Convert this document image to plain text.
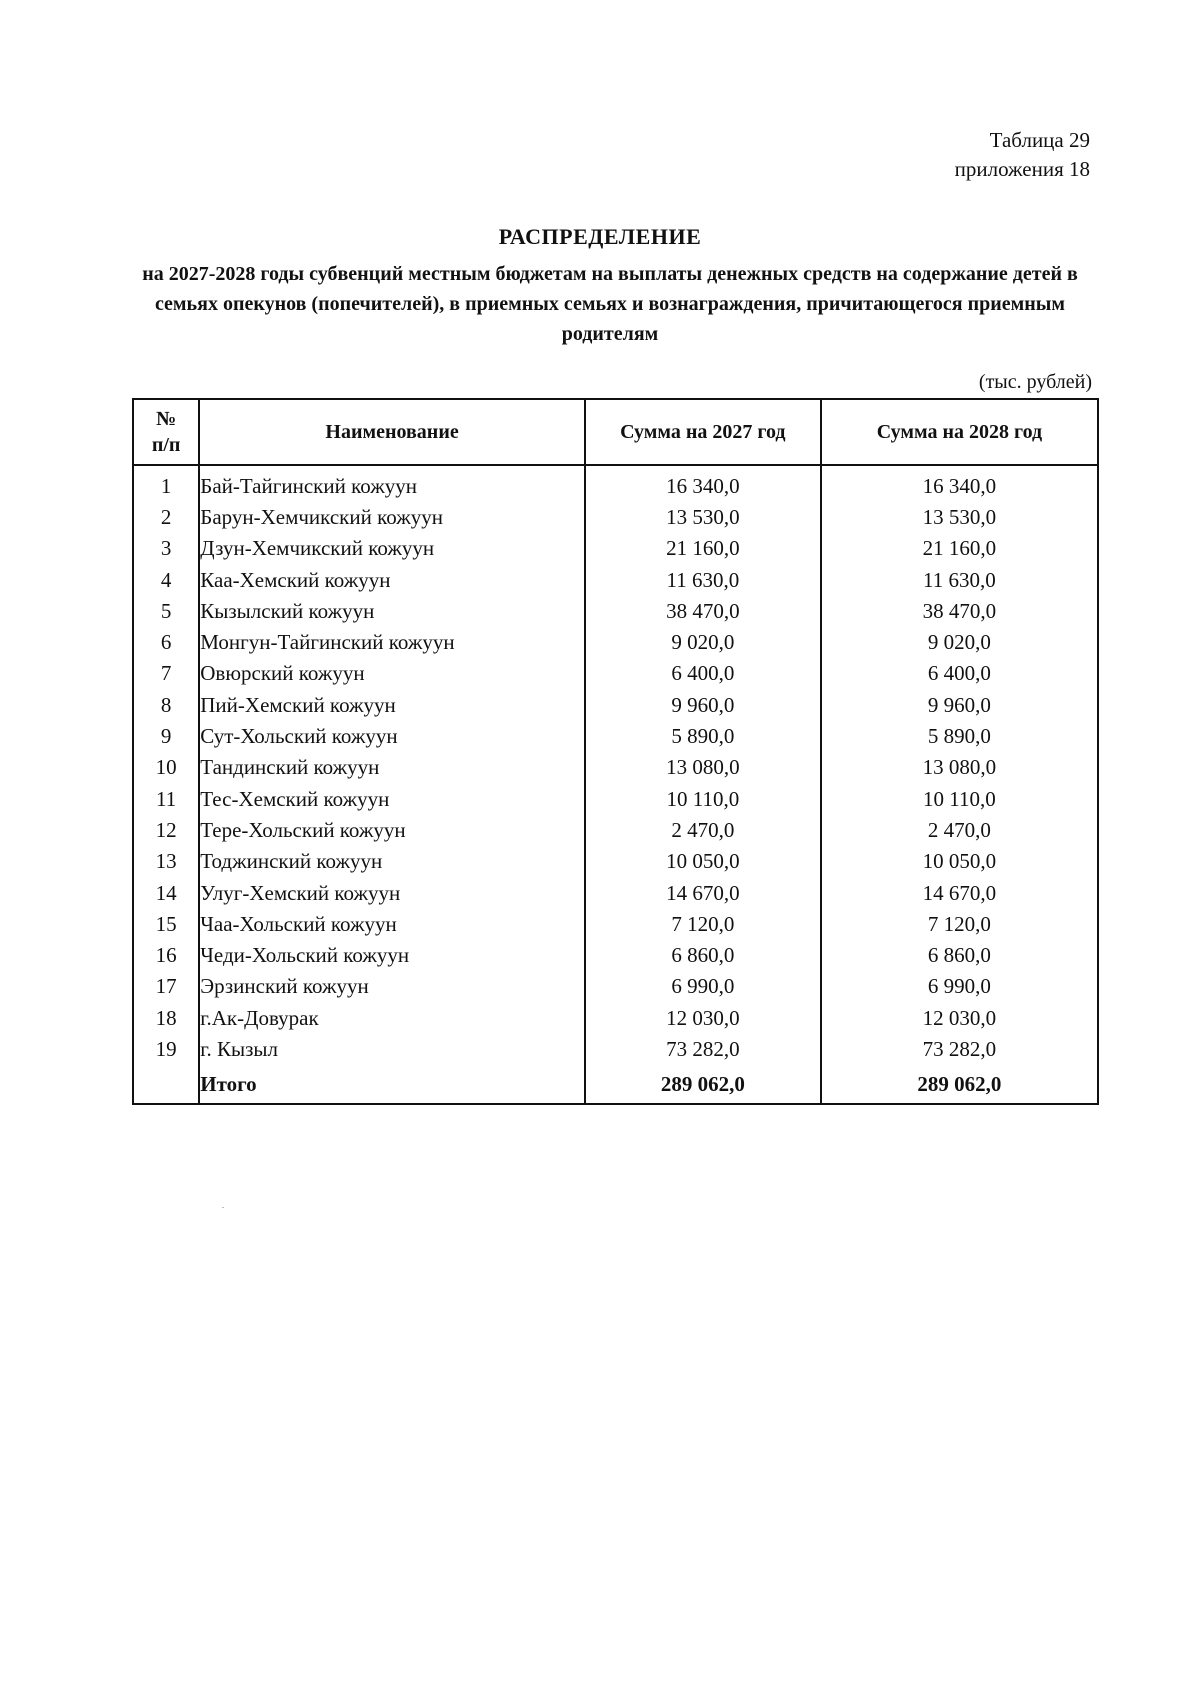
Таблица 29
приложения 18
РАСПРЕДЕЛЕНИЕ
на 2027-2028 годы субвенций местным бюджетам на выплаты денежных средств на содержание детей в семьях опекунов (попечителей), в приемных семьях и вознаграждения, причитающегося приемным родителям
(тыс. рублей)
№ п/п	Наименование	Сумма на 2027 год	Сумма на 2028 год
1	Бай-Тайгинский кожуун	16 340,0	16 340,0
2	Барун-Хемчикский кожуун	13 530,0	13 530,0
3	Дзун-Хемчикский кожуун	21 160,0	21 160,0
4	Каа-Хемский кожуун	11 630,0	11 630,0
5	Кызылский кожуун	38 470,0	38 470,0
6	Монгун-Тайгинский кожуун	9 020,0	9 020,0
7	Овюрский кожуун	6 400,0	6 400,0
8	Пий-Хемский кожуун	9 960,0	9 960,0
9	Сут-Хольский кожуун	5 890,0	5 890,0
10	Тандинский кожуун	13 080,0	13 080,0
11	Тес-Хемский кожуун	10 110,0	10 110,0
12	Тере-Хольский кожуун	2 470,0	2 470,0
13	Тоджинский кожуун	10 050,0	10 050,0
14	Улуг-Хемский кожуун	14 670,0	14 670,0
15	Чаа-Хольский кожуун	7 120,0	7 120,0
16	Чеди-Хольский кожуун	6 860,0	6 860,0
17	Эрзинский кожуун	6 990,0	6 990,0
18	г.Ак-Довурак	12 030,0	12 030,0
19	г. Кызыл	73 282,0	73 282,0
	Итого	289 062,0	289 062,0
